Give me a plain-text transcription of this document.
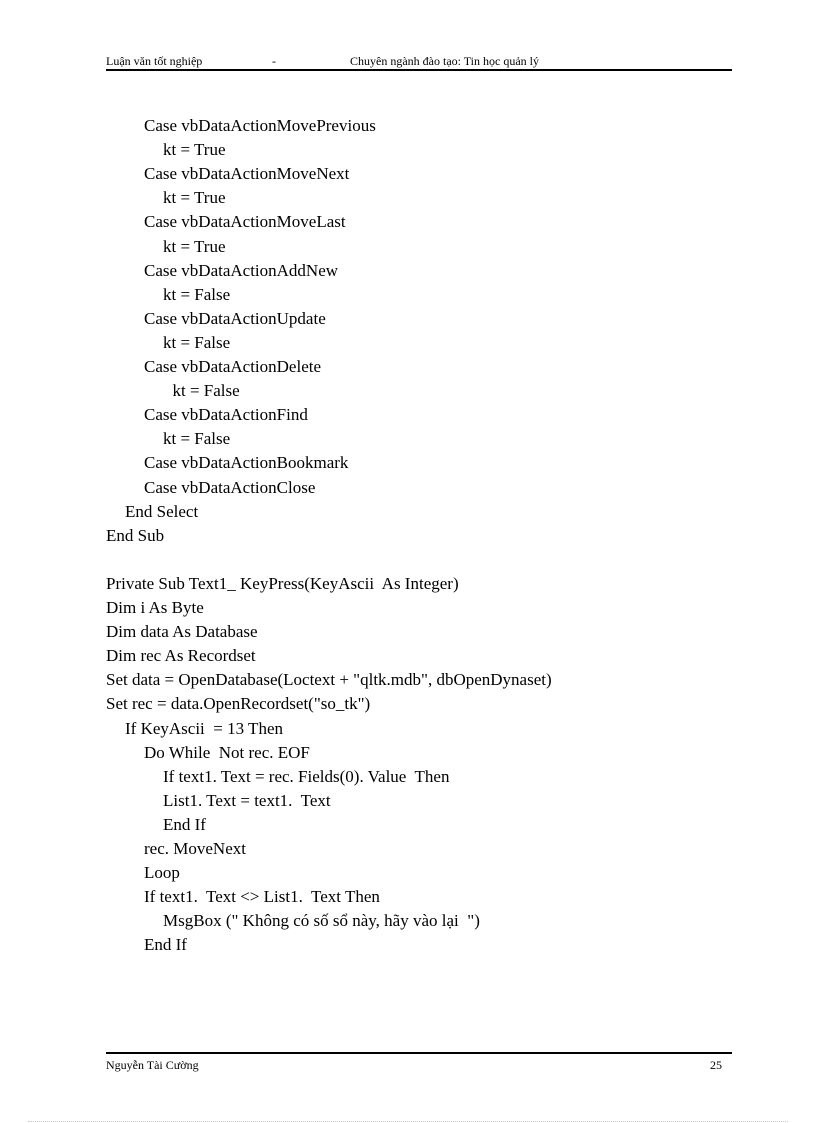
Luận văn tốt nghiệp	-	Chuyên ngành đào tạo: Tin học quản lý
Case vbDataActionMovePrevious
kt = True
Case vbDataActionMoveNext
kt = True
Case vbDataActionMoveLast
kt = True
Case vbDataActionAddNew
kt = False
Case vbDataActionUpdate
kt = False
Case vbDataActionDelete
kt = False
Case vbDataActionFind
kt = False
Case vbDataActionBookmark
Case vbDataActionClose
End Select
End Sub
Private Sub Text1_ KeyPress(KeyAscii  As Integer)
Dim i As Byte
Dim data As Database
Dim rec As Recordset
Set data = OpenDatabase(Loctext + "qltk.mdb", dbOpenDynaset)
Set rec = data.OpenRecordset("so_tk")
If KeyAscii  = 13 Then
Do While  Not rec. EOF
If text1. Text = rec. Fields(0). Value  Then
List1. Text = text1.  Text
End If
rec. MoveNext
Loop
If text1.  Text <> List1.  Text Then
MsgBox (" Không có số sổ này, hãy vào lại  ")
End If
Nguyễn Tài Cường	25
